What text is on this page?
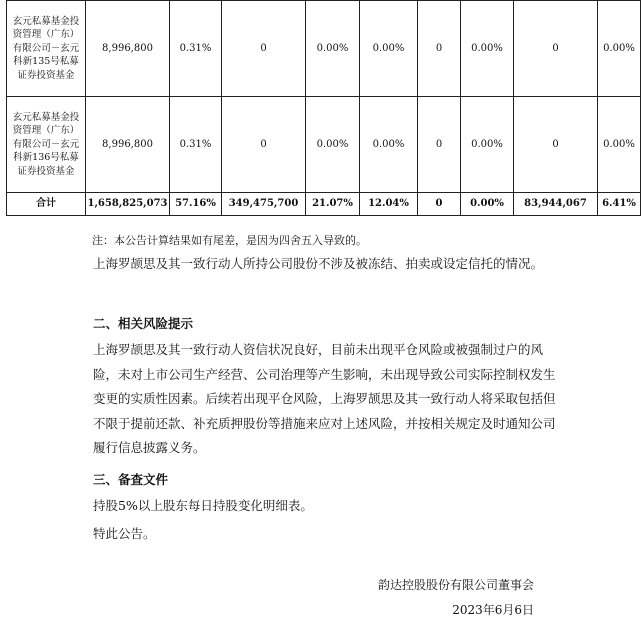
玄元私募基金投资管理（广东）有限公司－玄元科新135号私募证券投资基金	8,996,800	0.31%	0	0.00%	0.00%	0	0.00%	0	0.00%
玄元私募基金投资管理（广东）有限公司－玄元科新136号私募证券投资基金	8,996,800	0.31%	0	0.00%	0.00%	0	0.00%	0	0.00%
合计	1,658,825,073	57.16%	349,475,700	21.07%	12.04%	0	0.00%	83,944,067	6.41%
注：本公告计算结果如有尾差，是因为四舍五入导致的。
上海罗颉思及其一致行动人所持公司股份不涉及被冻结、拍卖或设定信托的情况。
二、相关风险提示
上海罗颉思及其一致行动人资信状况良好，目前未出现平仓风险或被强制过户的风险，未对上市公司生产经营、公司治理等产生影响，未出现导致公司实际控制权发生变更的实质性因素。后续若出现平仓风险，上海罗颉思及其一致行动人将采取包括但不限于提前还款、补充质押股份等措施来应对上述风险，并按相关规定及时通知公司履行信息披露义务。
三、备查文件
持股5%以上股东每日持股变化明细表。
特此公告。
韵达控股股份有限公司董事会
2023年6月6日
